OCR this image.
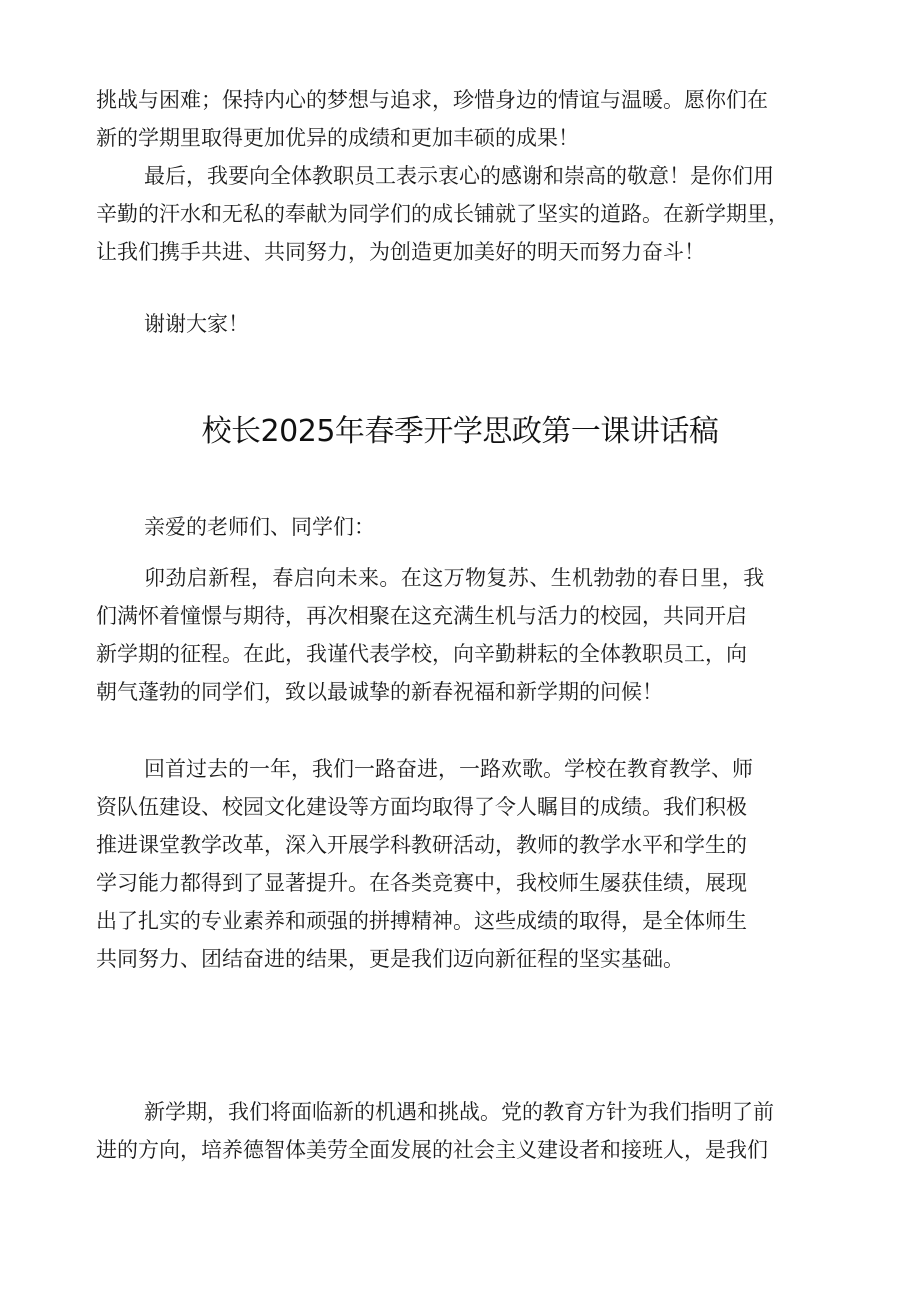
挑战与困难；保持内心的梦想与追求，珍惜身边的情谊与温暖。愿你们在
新的学期里取得更加优异的成绩和更加丰硕的成果！
最后，我要向全体教职员工表示衷心的感谢和崇高的敬意！是你们用
辛勤的汗水和无私的奉献为同学们的成长铺就了坚实的道路。在新学期里，
让我们携手共进、共同努力，为创造更加美好的明天而努力奋斗！
谢谢大家！
校长2025年春季开学思政第一课讲话稿
亲爱的老师们、同学们：
卯劲启新程，春启向未来。在这万物复苏、生机勃勃的春日里，我
们满怀着憧憬与期待，再次相聚在这充满生机与活力的校园，共同开启
新学期的征程。在此，我谨代表学校，向辛勤耕耘的全体教职员工，向
朝气蓬勃的同学们，致以最诚挚的新春祝福和新学期的问候！
回首过去的一年，我们一路奋进，一路欢歌。学校在教育教学、师
资队伍建设、校园文化建设等方面均取得了令人瞩目的成绩。我们积极
推进课堂教学改革，深入开展学科教研活动，教师的教学水平和学生的
学习能力都得到了显著提升。在各类竞赛中，我校师生屡获佳绩，展现
出了扎实的专业素养和顽强的拼搏精神。这些成绩的取得，是全体师生
共同努力、团结奋进的结果，更是我们迈向新征程的坚实基础。
新学期，我们将面临新的机遇和挑战。党的教育方针为我们指明了前
进的方向，培养德智体美劳全面发展的社会主义建设者和接班人，是我们
